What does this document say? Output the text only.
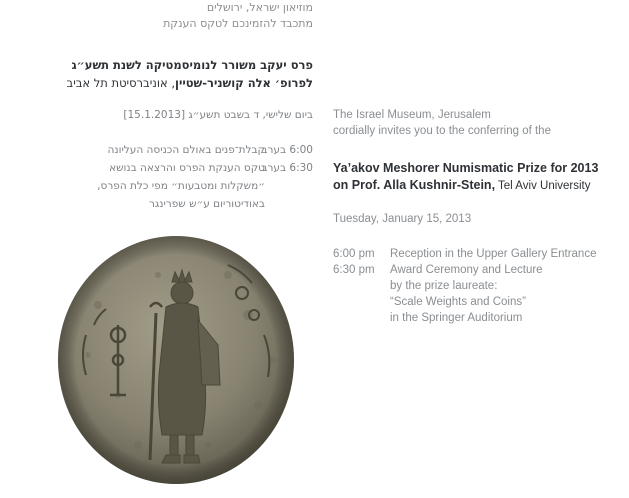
מוזיאון ישראל, ירושלים
מתכבד להזמינכם לטקס הענקת
פרס יעקב משורר לנומיסמטיקה לשנת תשע״ג
לפרופ׳ אלה קושניר-שטיין, אוניברסיטת תל אביב
ביום שלישי, ד בשבט תשע״ג [15.1.2013]
6:00 בערב
קבלת־פנים באולם הכניסה העליונה
6:30 בערב
טקס הענקת הפרס והרצאה בנושא
״משקלות ומטבעות״ מפי כלת הפרס,
באודיטוריום ע״ש שפרינגר
The Israel Museum, Jerusalem
cordially invites you to the conferring of the
Ya’akov Meshorer Numismatic Prize for 2013
on Prof. Alla Kushnir-Stein, Tel Aviv University
Tuesday, January 15, 2013
6:00 pm	Reception in the Upper Gallery Entrance
6:30 pm	Award Ceremony and Lecture
by the prize laureate:
“Scale Weights and Coins”
in the Springer Auditorium
